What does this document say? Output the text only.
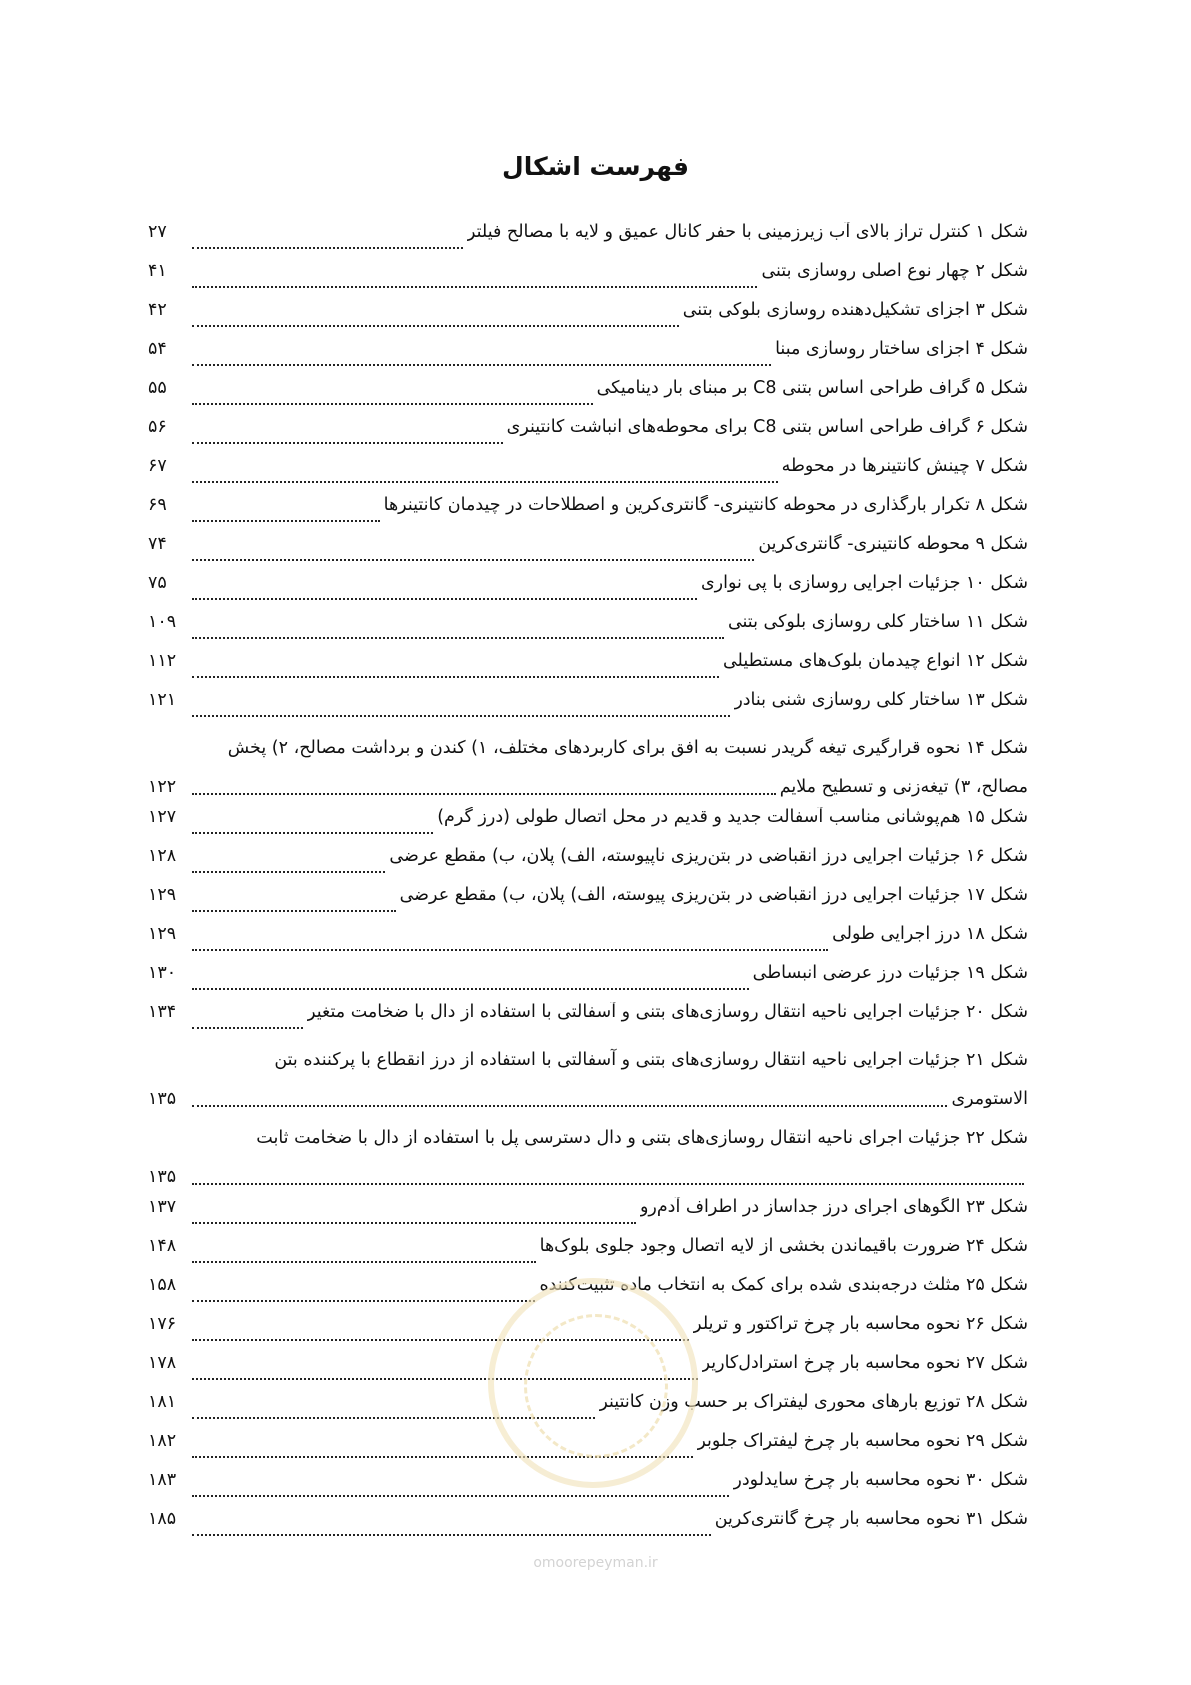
فهرست اشکال
شکل ۱ کنترل تراز بالای آب زیرزمینی با حفر کانال عمیق و لایه با مصالح فیلتر
۲۷
شکل ۲ چهار نوع اصلی روسازی بتنی
۴۱
شکل ۳ اجزای تشکیل‌دهنده روسازی بلوکی بتنی
۴۲
شکل ۴ اجزای ساختار روسازی مبنا
۵۴
شکل ۵ گراف طراحی اساس بتنی C8 بر مبنای بار دینامیکی
۵۵
شکل ۶ گراف طراحی اساس بتنی C8 برای محوطه‌های انباشت کانتینری
۵۶
شکل ۷ چینش کانتینرها در محوطه
۶۷
شکل ۸ تکرار بارگذاری در محوطه کانتینری- گانتری‌کرین و اصطلاحات در چیدمان کانتینرها
۶۹
شکل ۹ محوطه کانتینری- گانتری‌کرین
۷۴
شکل ۱۰ جزئیات اجرایی روسازی با پی نواری
۷۵
شکل ۱۱ ساختار کلی روسازی بلوکی بتنی
۱۰۹
شکل ۱۲ انواع چیدمان بلوک‌های مستطیلی
۱۱۲
شکل ۱۳ ساختار کلی روسازی شنی بنادر
۱۲۱
شکل ۱۴ نحوه قرارگیری تیغه گریدر نسبت به افق برای کاربردهای مختلف، ۱) کندن و برداشت مصالح، ۲) پخش
مصالح، ۳) تیغه‌زنی و تسطیح ملایم
۱۲۲
شکل ۱۵ هم‌پوشانی مناسب آسفالت جدید و قدیم در محل اتصال طولی (درز گرم)
۱۲۷
شکل ۱۶ جزئیات اجرایی درز انقباضی در بتن‌ریزی ناپیوسته، الف) پلان، ب) مقطع عرضی
۱۲۸
شکل ۱۷ جزئیات اجرایی درز انقباضی در بتن‌ریزی پیوسته، الف) پلان، ب) مقطع عرضی
۱۲۹
شکل ۱۸ درز اجرایی طولی
۱۲۹
شکل ۱۹ جزئیات درز عرضی انبساطی
۱۳۰
شکل ۲۰ جزئیات اجرایی ناحیه انتقال روسازی‌های بتنی و آسفالتی با استفاده از دال با ضخامت متغیر
۱۳۴
شکل ۲۱ جزئیات اجرایی ناحیه انتقال روسازی‌های بتنی و آسفالتی با استفاده از درز انقطاع با پرکننده بتن
الاستومری
۱۳۵
شکل ۲۲ جزئیات اجرای ناحیه انتقال روسازی‌های بتنی و دال دسترسی پل با استفاده از دال با ضخامت ثابت
۱۳۵
شکل ۲۳ الگوهای اجرای درز جداساز در اطراف آدم‌رو
۱۳۷
شکل ۲۴ ضرورت باقیماندن بخشی از لایه اتصال وجود جلوی بلوک‌ها
۱۴۸
شکل ۲۵ مثلث درجه‌بندی شده برای کمک به انتخاب ماده تثبیت‌کننده
۱۵۸
شکل ۲۶ نحوه محاسبه بار چرخ تراکتور و تریلر
۱۷۶
شکل ۲۷ نحوه محاسبه بار چرخ استرادل‌کاریر
۱۷۸
شکل ۲۸ توزیع بارهای محوری لیفتراک بر حسب وزن کانتینر
۱۸۱
شکل ۲۹ نحوه محاسبه بار چرخ لیفتراک جلوبر
۱۸۲
شکل ۳۰ نحوه محاسبه بار چرخ سایدلودر
۱۸۳
شکل ۳۱ نحوه محاسبه بار چرخ گانتری‌کرین
۱۸۵
omoorepeyman.ir
